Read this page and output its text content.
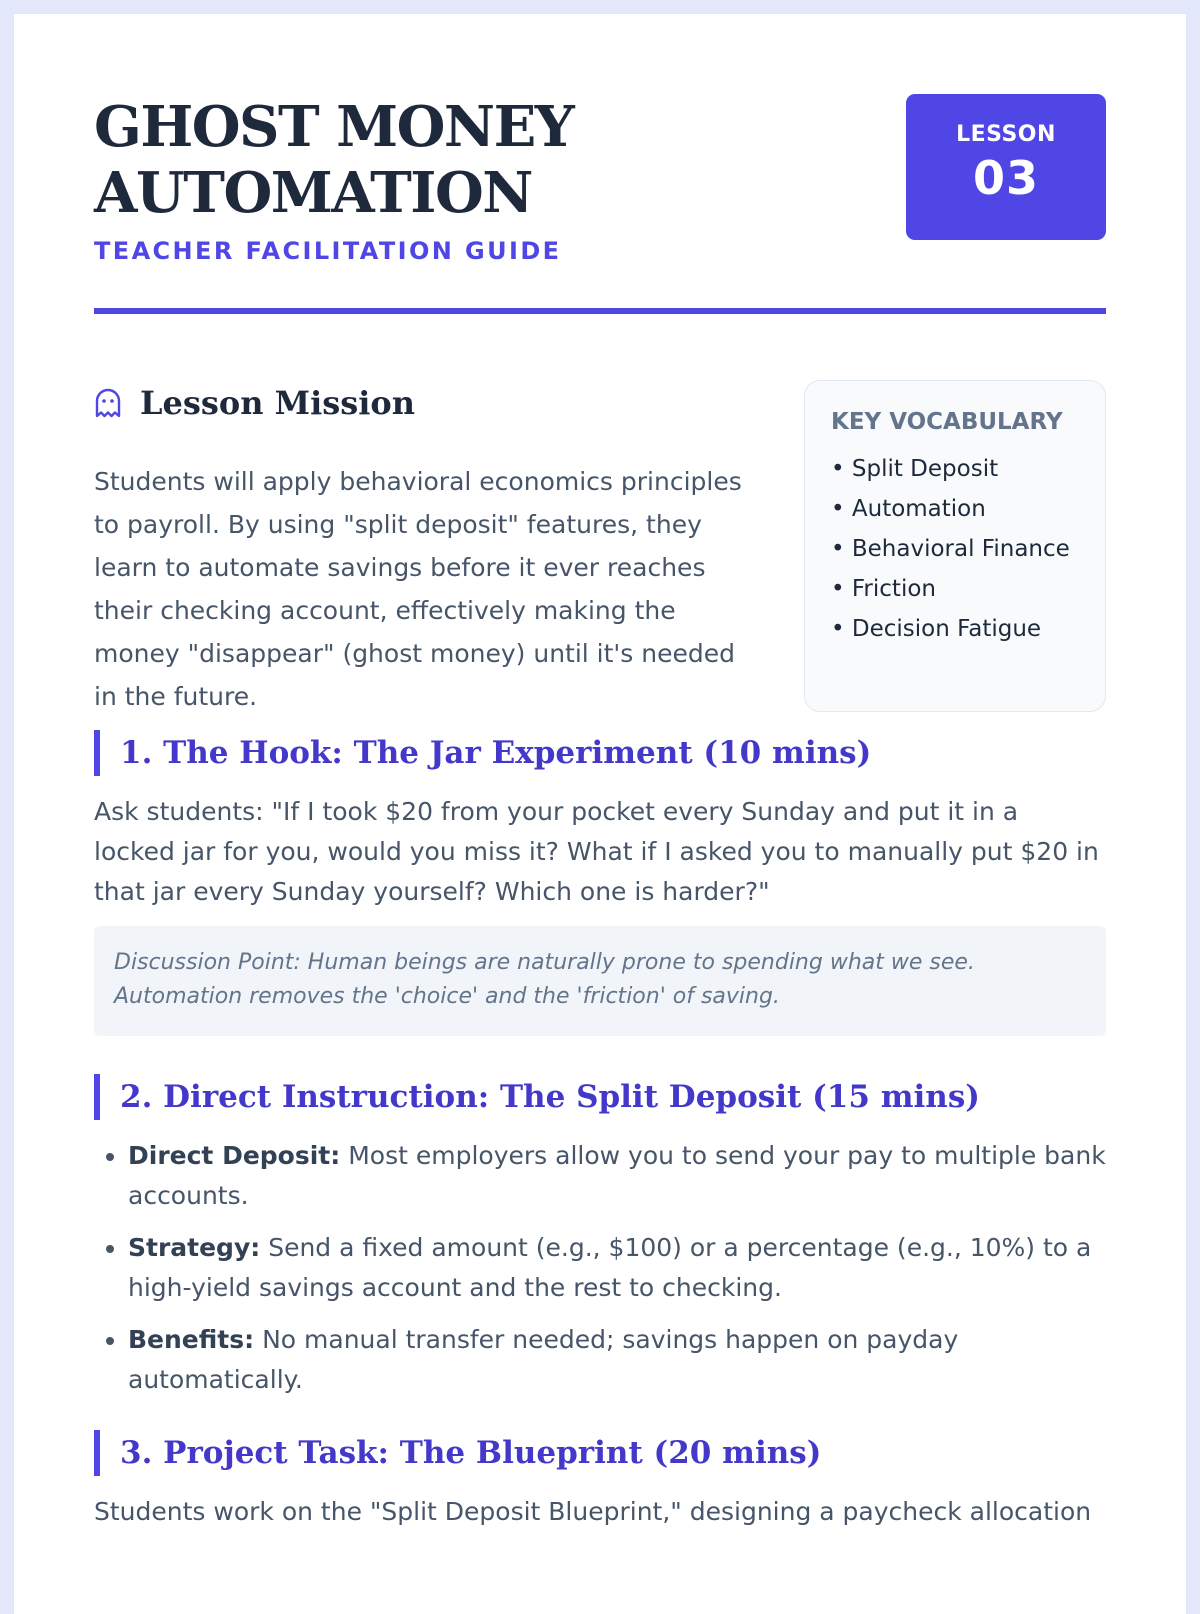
GHOST MONEY
AUTOMATION
TEACHER FACILITATION GUIDE
LESSON
03
Lesson Mission

Students will apply behavioral economics principles to payroll. By using "split deposit" features, they learn to automate savings before it ever reaches their checking account, effectively making the money "disappear" (ghost money) until it's needed in the future.

KEY VOCABULARY
• Split Deposit
• Automation
• Behavioral Finance
• Friction
• Decision Fatigue
1. The Hook: The Jar Experiment (10 mins)

Ask students: "If I took $20 from your pocket every Sunday and put it in a locked jar for you, would you miss it? What if I asked you to manually put $20 in that jar every Sunday yourself? Which one is harder?"

Discussion Point: Human beings are naturally prone to spending what we see. Automation removes the 'choice' and the 'friction' of saving.
2. Direct Instruction: The Split Deposit (15 mins)
• Direct Deposit: Most employers allow you to send your pay to multiple bank accounts.
• Strategy: Send a fixed amount (e.g., $100) or a percentage (e.g., 10%) to a high-yield savings account and the rest to checking.
• Benefits: No manual transfer needed; savings happen on payday automatically.
3. Project Task: The Blueprint (20 mins)

Students work on the "Split Deposit Blueprint," designing a paycheck allocation
